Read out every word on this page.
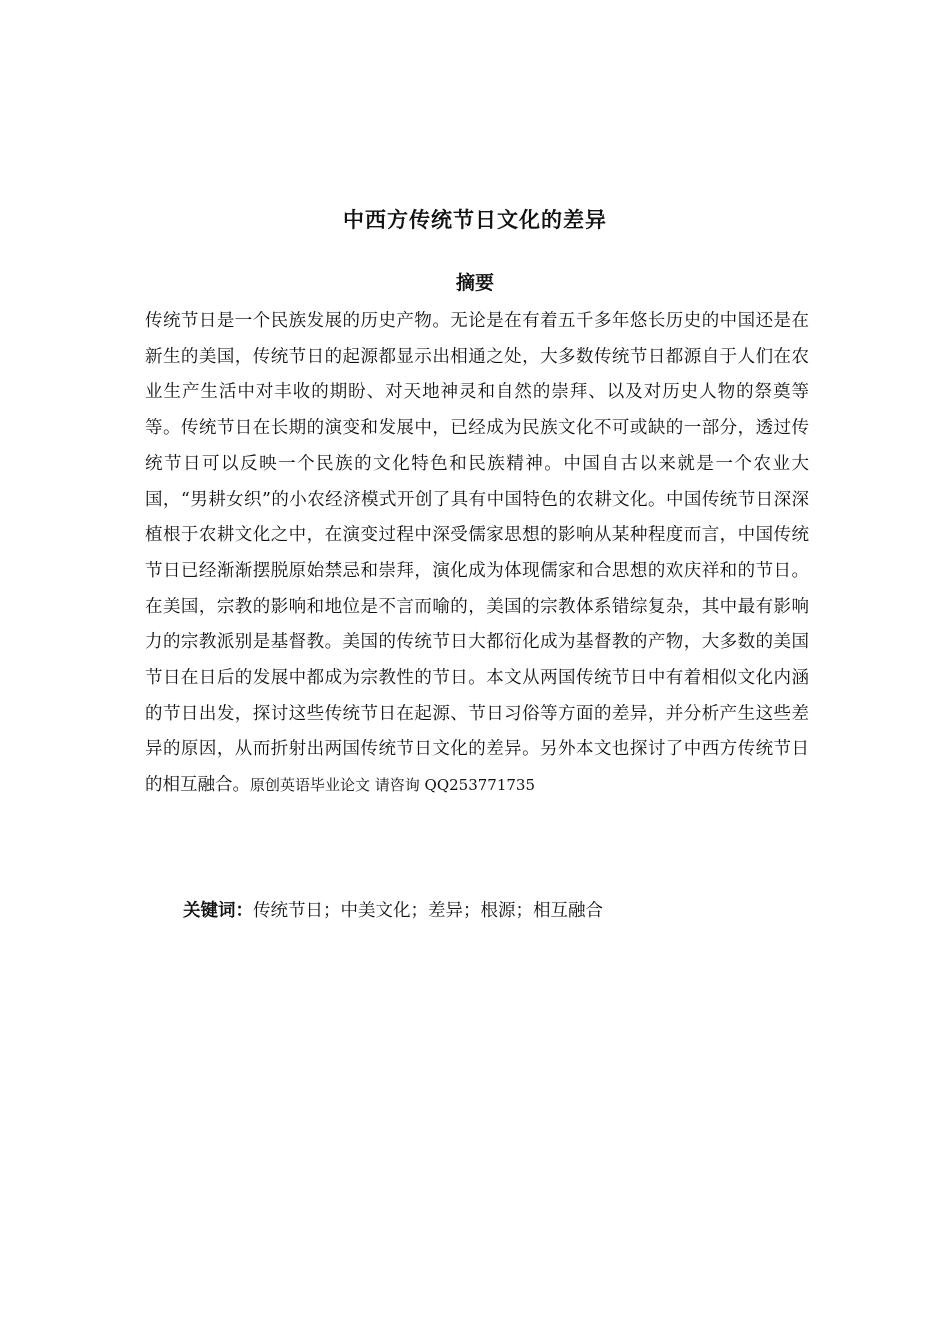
中西方传统节日文化的差异
摘要

传统节日是一个民族发展的历史产物。无论是在有着五千多年悠长历史的中国还是在新生的美国，传统节日的起源都显示出相通之处，大多数传统节日都源自于人们在农业生产生活中对丰收的期盼、对天地神灵和自然的崇拜、以及对历史人物的祭奠等等。传统节日在长期的演变和发展中，已经成为民族文化不可或缺的一部分，透过传统节日可以反映一个民族的文化特色和民族精神。中国自古以来就是一个农业大国，“男耕女织”的小农经济模式开创了具有中国特色的农耕文化。中国传统节日深深植根于农耕文化之中，在演变过程中深受儒家思想的影响从某种程度而言，中国传统节日已经渐渐摆脱原始禁忌和崇拜，演化成为体现儒家和合思想的欢庆祥和的节日。在美国，宗教的影响和地位是不言而喻的，美国的宗教体系错综复杂，其中最有影响力的宗教派别是基督教。美国的传统节日大都衍化成为基督教的产物，大多数的美国节日在日后的发展中都成为宗教性的节日。本文从两国传统节日中有着相似文化内涵的节日出发，探讨这些传统节日在起源、节日习俗等方面的差异，并分析产生这些差异的原因，从而折射出两国传统节日文化的差异。另外本文也探讨了中西方传统节日的相互融合。原创英语毕业论文 请咨询 QQ253771735

关键词：传统节日；中美文化；差异；根源；相互融合
